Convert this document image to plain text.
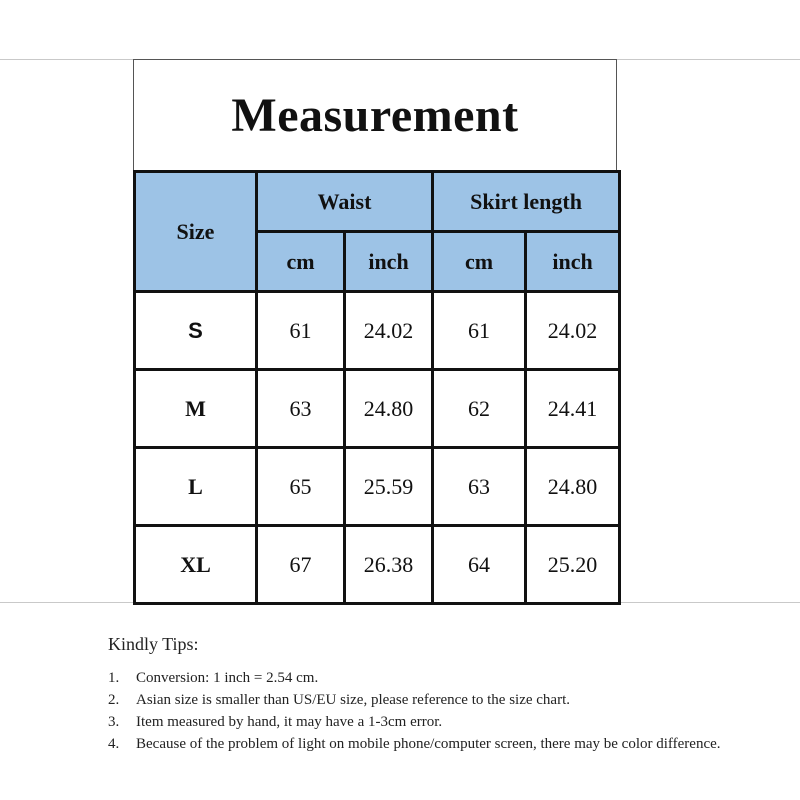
Measurement
Size	Waist		Skirt length	
	cm	inch	cm	inch
S	61	24.02	61	24.02
M	63	24.80	62	24.41
L	65	25.59	63	24.80
XL	67	26.38	64	25.20

Kindly Tips:

1. Conversion: 1 inch = 2.54 cm.
2. Asian size is smaller than US/EU size, please reference to the size chart.
3. Item measured by hand, it may have a 1-3cm error.
4. Because of the problem of light on mobile phone/computer screen, there may be color difference.
